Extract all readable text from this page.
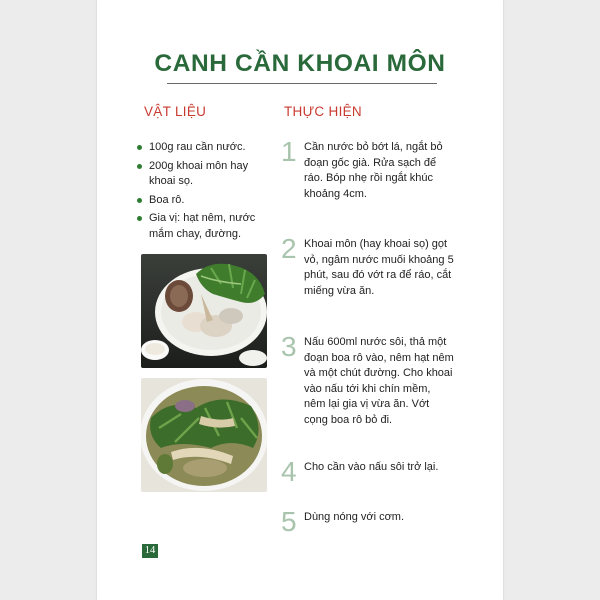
CANH CẦN KHOAI MÔN
VẬT LIỆU	THỰC HIỆN
100g rau cần nước.
200g khoai môn hay khoai sọ.
Boa rô.
Gia vị: hạt nêm, nước mắm chay, đường.
1 Cần nước bỏ bớt lá, ngắt bỏ đoạn gốc già. Rửa sạch để ráo. Bóp nhẹ rồi ngắt khúc khoảng 4cm.
2 Khoai môn (hay khoai sọ) gọt vỏ, ngâm nước muối khoảng 5 phút, sau đó vớt ra để ráo, cắt miếng vừa ăn.
3 Nấu 600ml nước sôi, thả một đoạn boa rô vào, nêm hạt nêm và một chút đường. Cho khoai vào nấu tới khi chín mềm, nêm lại gia vị vừa ăn. Vớt cọng boa rô bỏ đi.
4 Cho cần vào nấu sôi trở lại.
5 Dùng nóng với cơm.
14
